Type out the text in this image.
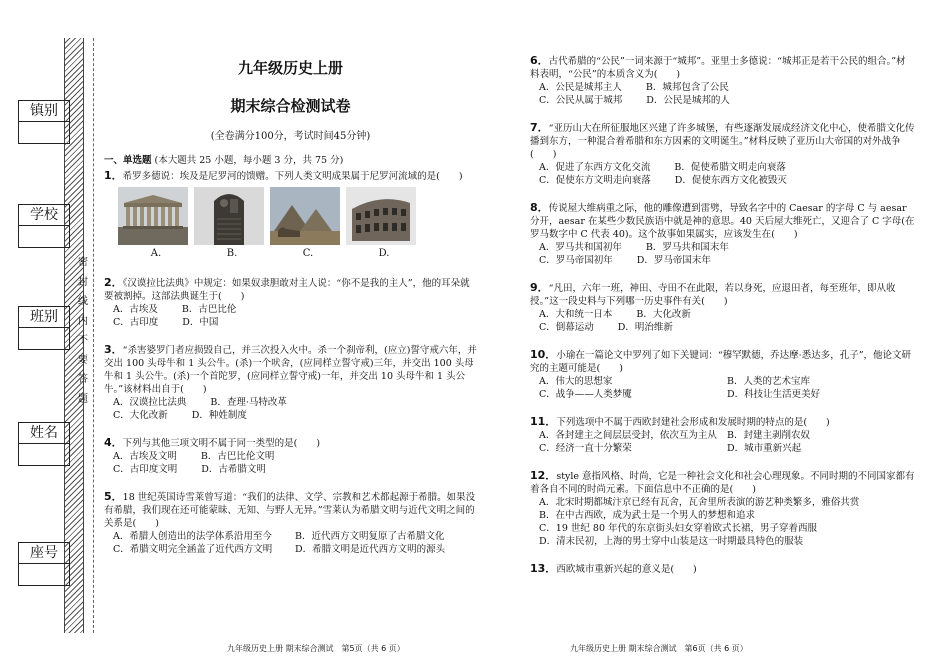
镇别
学校
班别
姓名
座号
密
封
线
内
不
要
答
题
九年级历史上册
期末综合检测试卷
(全卷满分100分，考试时间45分钟)
一、单选题 (本大题共 25 小题，每小题 3 分，共 75 分)
1．希罗多德说：埃及是尼罗河的馈赠。下列人类文明成果属于尼罗河流域的是(　　)
A.	B.	C.	D.
2．《汉谟拉比法典》中规定：如果奴隶胆敢对主人说：“你不是我的主人”，他的耳朵就要被割掉。这部法典诞生于(　　)
A．古埃及	B．古巴比伦
C．古印度	D．中国
3．“杀害婆罗门者应损毁自己，并三次投入火中。杀一个刹帝利，(应立)誓守戒六年，并交出 100 头母牛和 1 头公牛。(杀)一个吠舍，(应同样立誓守戒)三年，并交出 100 头母牛和 1 头公牛。(杀)一个首陀罗，(应同样立誓守戒)一年，并交出 10 头母牛和 1 头公牛。”该材料出自于(　　)
A．汉谟拉比法典	B．查理·马特改革
C．大化改新	D．种姓制度
4．下列与其他三项文明不属于同一类型的是(　　)
A．古埃及文明	B．古巴比伦文明
C．古印度文明	D．古希腊文明
5．18 世纪英国诗雪莱曾写道：“我们的法律、文学、宗教和艺术都起源于希腊。如果没有希腊，我们现在还可能蒙昧、无知、与野人无异。”雪莱认为希腊文明与近代文明之间的关系是(　　)
A．希腊人创造出的法学体系沿用至今	B．近代西方文明复原了古希腊文化
C．希腊文明完全涵盖了近代西方文明	D．希腊文明是近代西方文明的源头
6．古代希腊的“公民”一词来源于“城邦”。亚里士多德说：“城邦正是若干公民的组合。”材料表明，“公民”的本质含义为(　　)
A．公民是城邦主人	B．城邦包含了公民
C．公民从属于城邦	D．公民是城邦的人
7．“亚历山大在所征服地区兴建了许多城堡，有些逐渐发展成经济文化中心，使希腊文化传播到东方，一种混合着希腊和东方因素的文明诞生。”材料反映了亚历山大帝国的对外战争(　　)
A．促进了东西方文化交流	B．促使希腊文明走向衰落
C．促使东方文明走向衰落	D．促使东西方文化被毁灭
8．传说屋大维病重之际，他的雕像遭到雷劈，导致名字中的 Caesar 的字母 C 与 aesar 分开，aesar 在某些少数民族语中就是神的意思。40 天后屋大维死亡，又迎合了 C 字母(在罗马数字中 C 代表 40)。这个故事如果属实，应该发生在(　　)
A．罗马共和国初年	B．罗马共和国末年
C．罗马帝国初年	D．罗马帝国末年
9．“凡田，六年一班，神田、寺田不在此限，若以身死，应退田者，每至班年，即从收授。”这一段史料与下列哪一历史事件有关(　　)
A．大和统一日本	B．大化改新
C．倒幕运动	D．明治维新
10．小瑜在一篇论文中罗列了如下关键词：“穆罕默德，乔达摩·悉达多，孔子”，他论文研究的主题可能是(　　)
A．伟大的思想家	B．人类的艺术宝库
C．战争——人类梦魇	D．科技让生活更美好
11．下列选项中不属于西欧封建社会形成和发展时期的特点的是(　　)
A．各封建主之间层层受封，依次互为主从	B．封建主剥削农奴
C．经济一直十分繁荣	D．城市重新兴起
12．style 意指风格、时尚，它是一种社会文化和社会心理现象。不同时期的不同国家都有着各自不同的时尚元素。下面信息中不正确的是(　　)
A．北宋时期都城汴京已经有瓦舍，瓦舍里所表演的游艺种类繁多，雅俗共赏
B．在中古西欧，成为武士是一个男人的梦想和追求
C．19 世纪 80 年代的东京街头妇女穿着欧式长裙，男子穿着西服
D．清末民初，上海的男士穿中山装是这一时期最具特色的服装
13．西欧城市重新兴起的意义是(　　)
九年级历史上册 期末综合测试　第5页（共 6 页）	九年级历史上册 期末综合测试　第6页（共 6 页）
